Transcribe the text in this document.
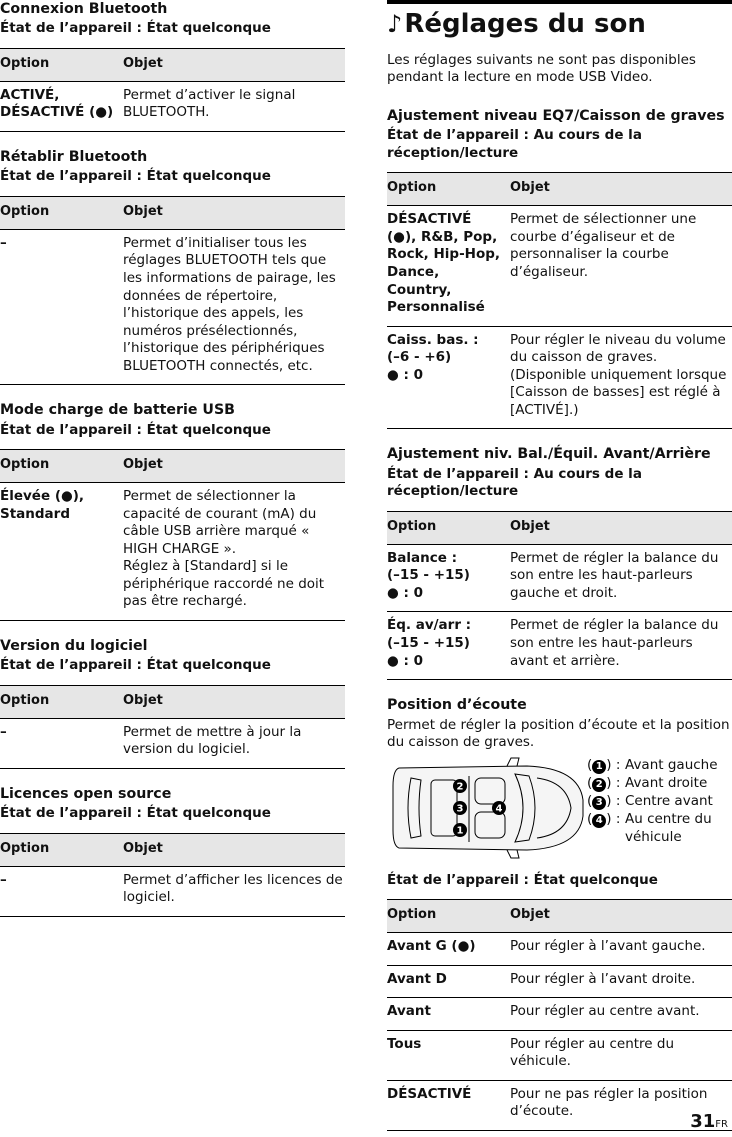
Connexion Bluetooth
État de l’appareil : État quelconque
Option	Objet
ACTIVÉ, DÉSACTIVÉ (●)	Permet d’activer le signal BLUETOOTH.
Rétablir Bluetooth
État de l’appareil : État quelconque
Option	Objet
–	Permet d’initialiser tous les réglages BLUETOOTH tels que les informations de pairage, les données de répertoire, l’historique des appels, les numéros présélectionnés, l’historique des périphériques BLUETOOTH connectés, etc.
Mode charge de batterie USB
État de l’appareil : État quelconque
Option	Objet
Élevée (●), Standard	Permet de sélectionner la capacité de courant (mA) du câble USB arrière marqué « HIGH CHARGE ».
Réglez à [Standard] si le périphérique raccordé ne doit pas être rechargé.
Version du logiciel
État de l’appareil : État quelconque
Option	Objet
–	Permet de mettre à jour la version du logiciel.
Licences open source
État de l’appareil : État quelconque
Option	Objet
–	Permet d’afficher les licences de logiciel.
♪ Réglages du son

Les réglages suivants ne sont pas disponibles pendant la lecture en mode USB Video.

Ajustement niveau EQ7/Caisson de graves
État de l’appareil : Au cours de la réception/lecture
Option	Objet
DÉSACTIVÉ (●), R&B, Pop, Rock, Hip-Hop, Dance, Country, Personnalisé	Permet de sélectionner une courbe d’égaliseur et de personnaliser la courbe d’égaliseur.
Caiss. bas. :
(–6 - +6)
● : 0	Pour régler le niveau du volume du caisson de graves.
(Disponible uniquement lorsque [Caisson de basses] est réglé à [ACTIVÉ].)
Ajustement niv. Bal./Équil. Avant/Arrière
État de l’appareil : Au cours de la réception/lecture
Option	Objet
Balance :
(–15 - +15)
● : 0	Permet de régler la balance du son entre les haut-parleurs gauche et droit.
Éq. av/arr :
(–15 - +15)
● : 0	Permet de régler la balance du son entre les haut-parleurs avant et arrière.
Position d’écoute

Permet de régler la position d’écoute et la position du caisson de graves.

2
3
1
4
( 1 ) : Avant gauche
( 2 ) : Avant droite
( 3 ) : Centre avant
( 4 ) : Au centre du véhicule
État de l’appareil : État quelconque
Option	Objet
Avant G (●)	Pour régler à l’avant gauche.
Avant D	Pour régler à l’avant droite.
Avant	Pour régler au centre avant.
Tous	Pour régler au centre du véhicule.
DÉSACTIVÉ	Pour ne pas régler la position d’écoute.	31FR
